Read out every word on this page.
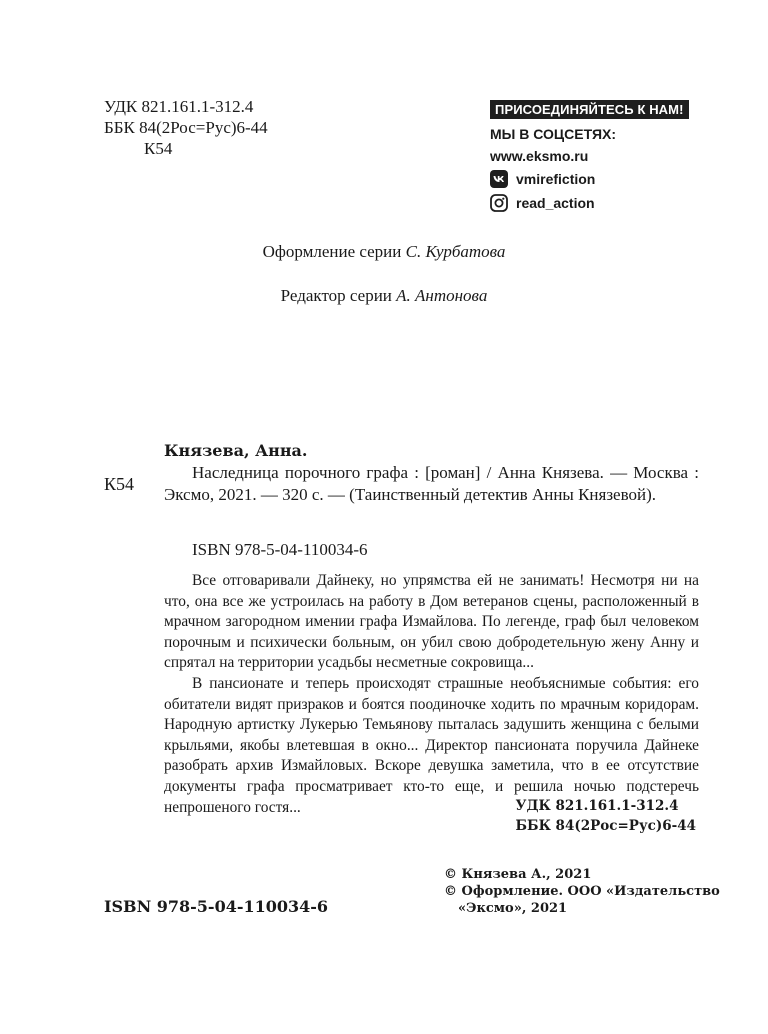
УДК 821.161.1-312.4
ББК 84(2Рос=Рус)6-44
К54
ПРИСОЕДИНЯЙТЕСЬ К НАМ!
МЫ В СОЦСЕТЯХ:
www.eksmo.ru
vmirefiction
read_action
Оформление серии С. Курбатова
Редактор серии А. Антонова
К54
Князева, Анна.

Наследница порочного графа : [роман] / Анна Князева. — Москва : Эксмо, 2021. — 320 с. — (Таинственный детектив Анны Князевой).

ISBN 978-5-04-110034-6

Все отговаривали Дайнеку, но упрямства ей не занимать! Несмотря ни на что, она все же устроилась на работу в Дом ветеранов сцены, расположенный в мрачном загородном имении графа Измайлова. По легенде, граф был человеком порочным и психически больным, он убил свою добродетельную жену Анну и спрятал на территории усадьбы несметные сокровища...

В пансионате и теперь происходят страшные необъяснимые события: его обитатели видят призраков и боятся поодиночке ходить по мрачным коридорам. Народную артистку Лукерью Темьянову пыталась задушить женщина с белыми крыльями, якобы влетевшая в окно... Директор пансионата поручила Дайнеке разобрать архив Измайловых. Вскоре девушка заметила, что в ее отсутствие документы графа просматривает кто-то еще, и решила ночью подстеречь непрошеного гостя...	УДК 821.161.1-312.4
ББК 84(2Рос=Рус)6-44
ISBN 978-5-04-110034-6
© Князева А., 2021
© Оформление. ООО «Издательство
«Эксмо», 2021
